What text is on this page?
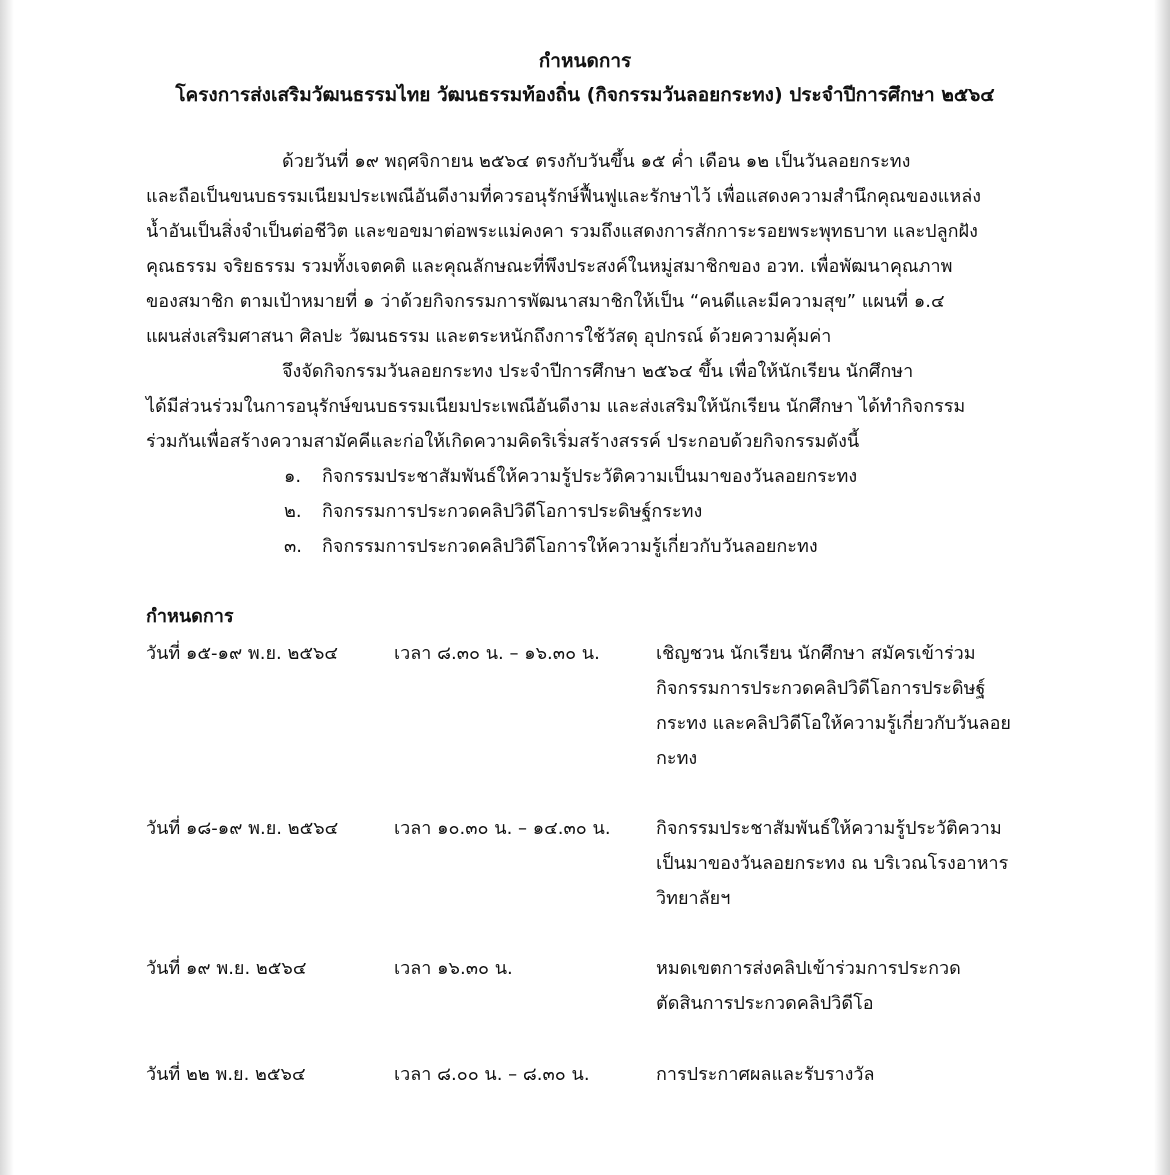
กำหนดการ
โครงการส่งเสริมวัฒนธรรมไทย วัฒนธรรมท้องถิ่น (กิจกรรมวันลอยกระทง) ประจำปีการศึกษา ๒๕๖๔

ด้วยวันที่ ๑๙ พฤศจิกายน ๒๕๖๔ ตรงกับวันขึ้น ๑๕ ค่ำ เดือน ๑๒ เป็นวันลอยกระทง
และถือเป็นขนบธรรมเนียมประเพณีอันดีงามที่ควรอนุรักษ์ฟื้นฟูและรักษาไว้ เพื่อแสดงความสำนึกคุณของแหล่ง
น้ำอันเป็นสิ่งจำเป็นต่อชีวิต และขอขมาต่อพระแม่คงคา รวมถึงแสดงการสักการะรอยพระพุทธบาท และปลูกฝัง
คุณธรรม จริยธรรม รวมทั้งเจตคติ และคุณลักษณะที่พึงประสงค์ในหมู่สมาชิกของ อวท. เพื่อพัฒนาคุณภาพ
ของสมาชิก ตามเป้าหมายที่ ๑ ว่าด้วยกิจกรรมการพัฒนาสมาชิกให้เป็น “คนดีและมีความสุข” แผนที่ ๑.๔
แผนส่งเสริมศาสนา ศิลปะ วัฒนธรรม และตระหนักถึงการใช้วัสดุ อุปกรณ์ ด้วยความคุ้มค่า

จึงจัดกิจกรรมวันลอยกระทง ประจำปีการศึกษา ๒๕๖๔ ขึ้น เพื่อให้นักเรียน นักศึกษา
ได้มีส่วนร่วมในการอนุรักษ์ขนบธรรมเนียมประเพณีอันดีงาม และส่งเสริมให้นักเรียน นักศึกษา ได้ทำกิจกรรม
ร่วมกันเพื่อสร้างความสามัคคีและก่อให้เกิดความคิดริเริ่มสร้างสรรค์ ประกอบด้วยกิจกรรมดังนี้

๑. กิจกรรมประชาสัมพันธ์ให้ความรู้ประวัติความเป็นมาของวันลอยกระทง
๒. กิจกรรมการประกวดคลิปวิดีโอการประดิษฐ์กระทง
๓. กิจกรรมการประกวดคลิปวิดีโอการให้ความรู้เกี่ยวกับวันลอยกะทง
กำหนดการ
วันที่ ๑๕-๑๙ พ.ย. ๒๕๖๔	เวลา ๘.๓๐ น. – ๑๖.๓๐ น.	เชิญชวน นักเรียน นักศึกษา สมัครเข้าร่วม
กิจกรรมการประกวดคลิปวิดีโอการประดิษฐ์
กระทง และคลิปวิดีโอให้ความรู้เกี่ยวกับวันลอย
กะทง
วันที่ ๑๘-๑๙ พ.ย. ๒๕๖๔	เวลา ๑๐.๓๐ น. – ๑๔.๓๐ น.	กิจกรรมประชาสัมพันธ์ให้ความรู้ประวัติความ
เป็นมาของวันลอยกระทง ณ บริเวณโรงอาหาร
วิทยาลัยฯ
วันที่ ๑๙ พ.ย. ๒๕๖๔	เวลา ๑๖.๓๐ น.	หมดเขตการส่งคลิปเข้าร่วมการประกวด
ตัดสินการประกวดคลิปวิดีโอ
วันที่ ๒๒ พ.ย. ๒๕๖๔	เวลา ๘.๐๐ น. – ๘.๓๐ น.	การประกาศผลและรับรางวัล
